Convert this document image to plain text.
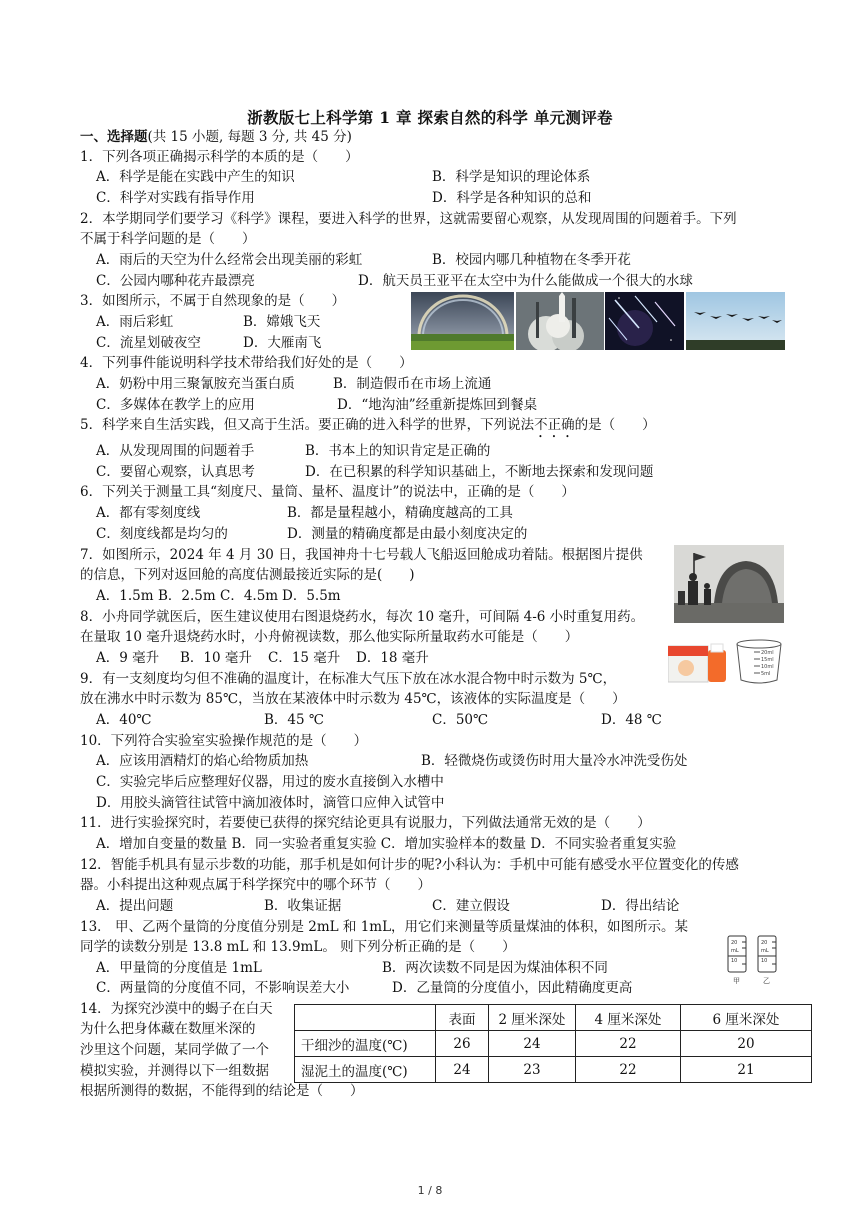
浙教版七上科学第 1 章 探索自然的科学 单元测评卷
一、选择题(共 15 小题, 每题 3 分, 共 45 分)
1．下列各项正确揭示科学的本质的是（　　）
A．科学是能在实践中产生的知识	B．科学是知识的理论体系
C．科学对实践有指导作用	D．科学是各种知识的总和
2．本学期同学们要学习《科学》课程，要进入科学的世界，这就需要留心观察，从发现周围的问题着手。下列
不属于科学问题的是（　　）
A．雨后的天空为什么经常会出现美丽的彩虹	B．校园内哪几种植物在冬季开花
C．公园内哪种花卉最漂亮	D．航天员王亚平在太空中为什么能做成一个很大的水球
3．如图所示，不属于自然现象的是（　　）
A．雨后彩虹	B．嫦娥飞天
C．流星划破夜空	D．大雁南飞
4．下列事件能说明科学技术带给我们好处的是（　　）
A．奶粉中用三聚氰胺充当蛋白质	B．制造假币在市场上流通
C．多媒体在教学上的应用	D．“地沟油”经重新提炼回到餐桌
5．科学来自生活实践，但又高于生活。要正确的进入科学的世界，下列说法不正确的是（　　）
A．从发现周围的问题着手	B．书本上的知识肯定是正确的
C．要留心观察，认真思考	D．在已积累的科学知识基础上，不断地去探索和发现问题
6．下列关于测量工具“刻度尺、量筒、量杯、温度计”的说法中，正确的是（　　）
A．都有零刻度线	B．都是量程越小，精确度越高的工具
C．刻度线都是均匀的	D．测量的精确度都是由最小刻度决定的
7．如图所示，2024 年 4 月 30 日，我国神舟十七号载人飞船返回舱成功着陆。根据图片提供
的信息，下列对返回舱的高度估测最接近实际的是(　　)
A．1.5m B．2.5m C．4.5m D．5.5m
8．小舟同学就医后，医生建议使用右图退烧药水，每次 10 毫升，可间隔 4-6 小时重复用药。
在量取 10 毫升退烧药水时，小舟俯视读数，那么他实际所量取药水可能是（　　）
A．9 毫升 B．10 毫升 C．15 毫升 D．18 毫升	20ml
15ml
10ml
5ml
9．有一支刻度均匀但不准确的温度计，在标准大气压下放在冰水混合物中时示数为 5℃，
放在沸水中时示数为 85℃，当放在某液体中时示数为 45℃，该液体的实际温度是（　　）
A．40℃	B．45 ℃	C．50℃	D．48 ℃
10．下列符合实验室实验操作规范的是（　　）
A．应该用酒精灯的焰心给物质加热	B．轻微烧伤或烫伤时用大量冷水冲洗受伤处
C．实验完毕后应整理好仪器，用过的废水直接倒入水槽中
D．用胶头滴管往试管中滴加液体时，滴管口应伸入试管中
11．进行实验探究时，若要使已获得的探究结论更具有说服力，下列做法通常无效的是（　　）
A．增加自变量的数量 B．同一实验者重复实验 C．增加实验样本的数量 D．不同实验者重复实验
12．智能手机具有显示步数的功能，那手机是如何计步的呢?小科认为：手机中可能有感受水平位置变化的传感
器。小科提出这种观点属于科学探究中的哪个环节（　　）
A．提出问题	B．收集证据	C．建立假设	D．得出结论
13． 甲、乙两个量筒的分度值分别是 2mL 和 1mL，用它们来测量等质量煤油的体积，如图所示。某
同学的读数分别是 13.8 mL 和 13.9mL。 则下列分析正确的是（　　）
A．甲量筒的分度值是 1mL	B．两次读数不同是因为煤油体积不同
C．两量筒的分度值不同，不影响误差大小	D．乙量筒的分度值小，因此精确度更高
20
mL
10
20
mL
10
甲	乙
14．为探究沙漠中的蝎子在白天
为什么把身体藏在数厘米深的
沙里这个问题，某同学做了一个
模拟实验，并测得以下一组数据
根据所测得的数据，不能得到的结论是（　　）
	表面	2 厘米深处	4 厘米深处	6 厘米深处
干细沙的温度(℃)	26	24	22	20
湿泥土的温度(℃)	24	23	22	21
1 / 8
